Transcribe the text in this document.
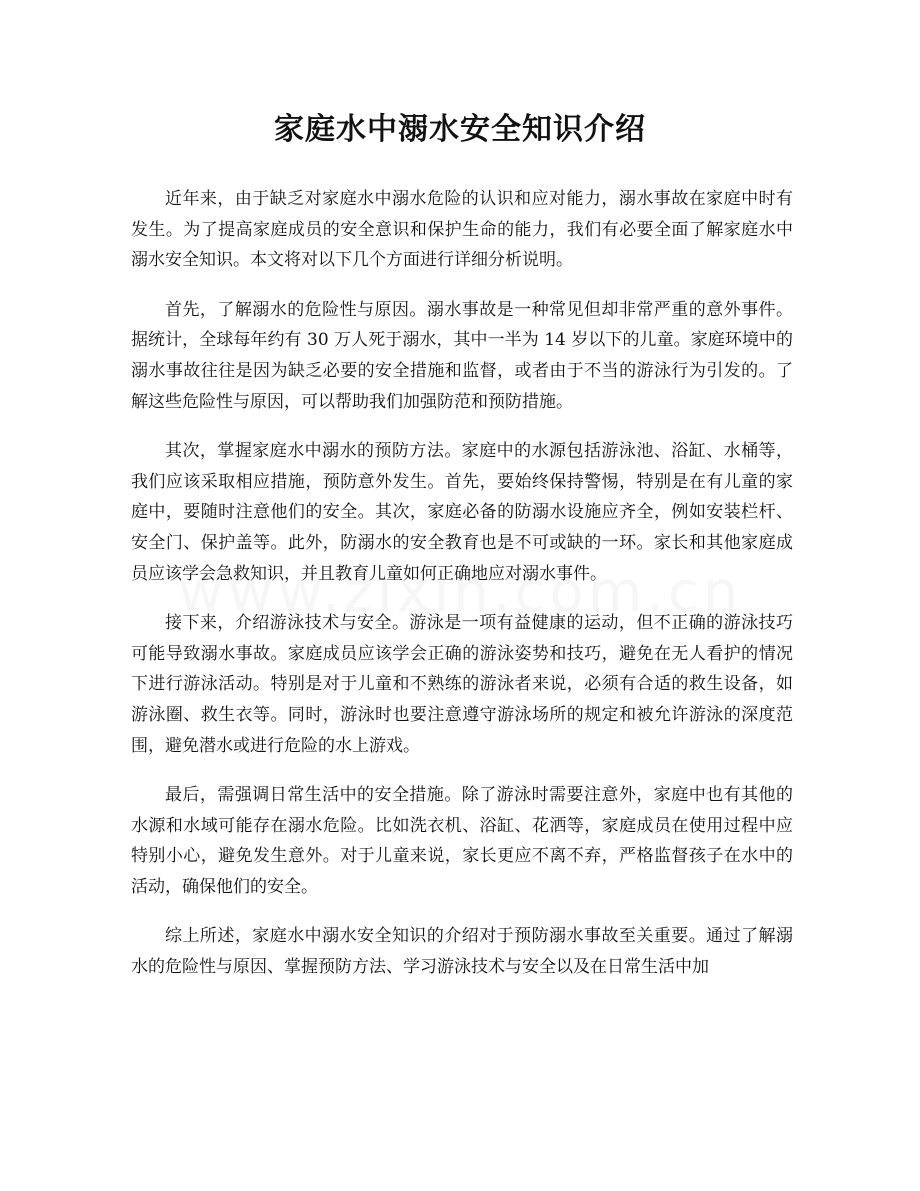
家庭水中溺水安全知识介绍

近年来，由于缺乏对家庭水中溺水危险的认识和应对能力，溺水事故在家庭中时有发生。为了提高家庭成员的安全意识和保护生命的能力，我们有必要全面了解家庭水中溺水安全知识。本文将对以下几个方面进行详细分析说明。

首先，了解溺水的危险性与原因。溺水事故是一种常见但却非常严重的意外事件。据统计，全球每年约有 30 万人死于溺水，其中一半为 14 岁以下的儿童。家庭环境中的溺水事故往往是因为缺乏必要的安全措施和监督，或者由于不当的游泳行为引发的。了解这些危险性与原因，可以帮助我们加强防范和预防措施。

其次，掌握家庭水中溺水的预防方法。家庭中的水源包括游泳池、浴缸、水桶等，我们应该采取相应措施，预防意外发生。首先，要始终保持警惕，特别是在有儿童的家庭中，要随时注意他们的安全。其次，家庭必备的防溺水设施应齐全，例如安装栏杆、安全门、保护盖等。此外，防溺水的安全教育也是不可或缺的一环。家长和其他家庭成员应该学会急救知识，并且教育儿童如何正确地应对溺水事件。

接下来，介绍游泳技术与安全。游泳是一项有益健康的运动，但不正确的游泳技巧可能导致溺水事故。家庭成员应该学会正确的游泳姿势和技巧，避免在无人看护的情况下进行游泳活动。特别是对于儿童和不熟练的游泳者来说，必须有合适的救生设备，如游泳圈、救生衣等。同时，游泳时也要注意遵守游泳场所的规定和被允许游泳的深度范围，避免潜水或进行危险的水上游戏。

最后，需强调日常生活中的安全措施。除了游泳时需要注意外，家庭中也有其他的水源和水域可能存在溺水危险。比如洗衣机、浴缸、花洒等，家庭成员在使用过程中应特别小心，避免发生意外。对于儿童来说，家长更应不离不弃，严格监督孩子在水中的活动，确保他们的安全。

综上所述，家庭水中溺水安全知识的介绍对于预防溺水事故至关重要。通过了解溺水的危险性与原因、掌握预防方法、学习游泳技术与安全以及在日常生活中加
